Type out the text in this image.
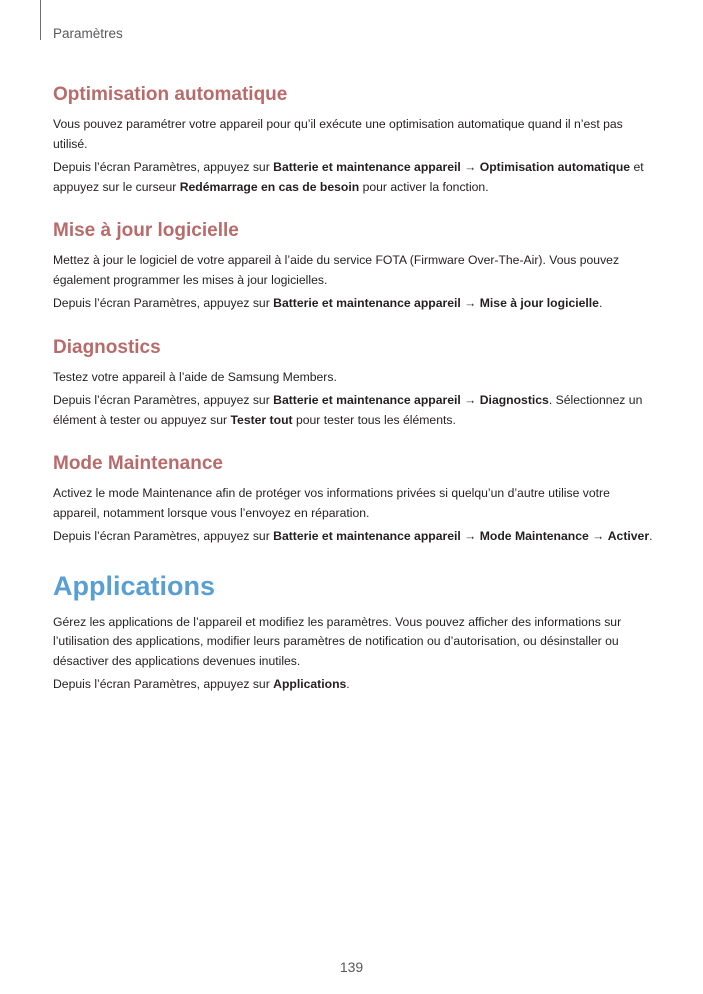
Paramètres
Optimisation automatique

Vous pouvez paramétrer votre appareil pour qu’il exécute une optimisation automatique quand il n’est pas utilisé.

Depuis l’écran Paramètres, appuyez sur Batterie et maintenance appareil → Optimisation automatique et appuyez sur le curseur Redémarrage en cas de besoin pour activer la fonction.

Mise à jour logicielle

Mettez à jour le logiciel de votre appareil à l’aide du service FOTA (Firmware Over-The-Air). Vous pouvez également programmer les mises à jour logicielles.

Depuis l’écran Paramètres, appuyez sur Batterie et maintenance appareil → Mise à jour logicielle.

Diagnostics

Testez votre appareil à l’aide de Samsung Members.

Depuis l’écran Paramètres, appuyez sur Batterie et maintenance appareil → Diagnostics. Sélectionnez un élément à tester ou appuyez sur Tester tout pour tester tous les éléments.

Mode Maintenance

Activez le mode Maintenance afin de protéger vos informations privées si quelqu’un d’autre utilise votre appareil, notamment lorsque vous l’envoyez en réparation.

Depuis l’écran Paramètres, appuyez sur Batterie et maintenance appareil → Mode Maintenance → Activer.

Applications

Gérez les applications de l’appareil et modifiez les paramètres. Vous pouvez afficher des informations sur l’utilisation des applications, modifier leurs paramètres de notification ou d’autorisation, ou désinstaller ou désactiver des applications devenues inutiles.

Depuis l’écran Paramètres, appuyez sur Applications.

139
